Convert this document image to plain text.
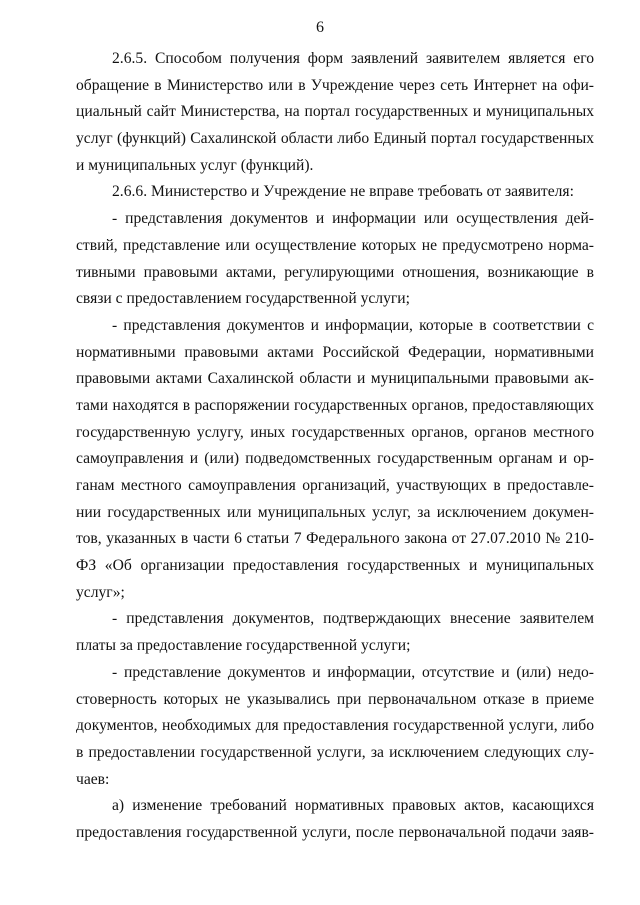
6
2.6.5. Способом получения форм заявлений заявителем является его
обращение в Министерство или в Учреждение через сеть Интернет на офи-
циальный сайт Министерства, на портал государственных и муниципальных
услуг (функций) Сахалинской области либо Единый портал государственных
и муниципальных услуг (функций).
2.6.6. Министерство и Учреждение не вправе требовать от заявителя:
- представления документов и информации или осуществления дей-
ствий, представление или осуществление которых не предусмотрено норма-
тивными правовыми актами, регулирующими отношения, возникающие в
связи с предоставлением государственной услуги;
- представления документов и информации, которые в соответствии с
нормативными правовыми актами Российской Федерации, нормативными
правовыми актами Сахалинской области и муниципальными правовыми ак-
тами находятся в распоряжении государственных органов, предоставляющих
государственную услугу, иных государственных органов, органов местного
самоуправления и (или) подведомственных государственным органам и ор-
ганам местного самоуправления организаций, участвующих в предоставле-
нии государственных или муниципальных услуг, за исключением докумен-
тов, указанных в части 6 статьи 7 Федерального закона от 27.07.2010 № 210-
ФЗ «Об организации предоставления государственных и муниципальных
услуг»;
- представления документов, подтверждающих внесение заявителем
платы за предоставление государственной услуги;
- представление документов и информации, отсутствие и (или) недо-
стоверность которых не указывались при первоначальном отказе в приеме
документов, необходимых для предоставления государственной услуги, либо
в предоставлении государственной услуги, за исключением следующих слу-
чаев:
а) изменение требований нормативных правовых актов, касающихся
предоставления государственной услуги, после первоначальной подачи заяв-
